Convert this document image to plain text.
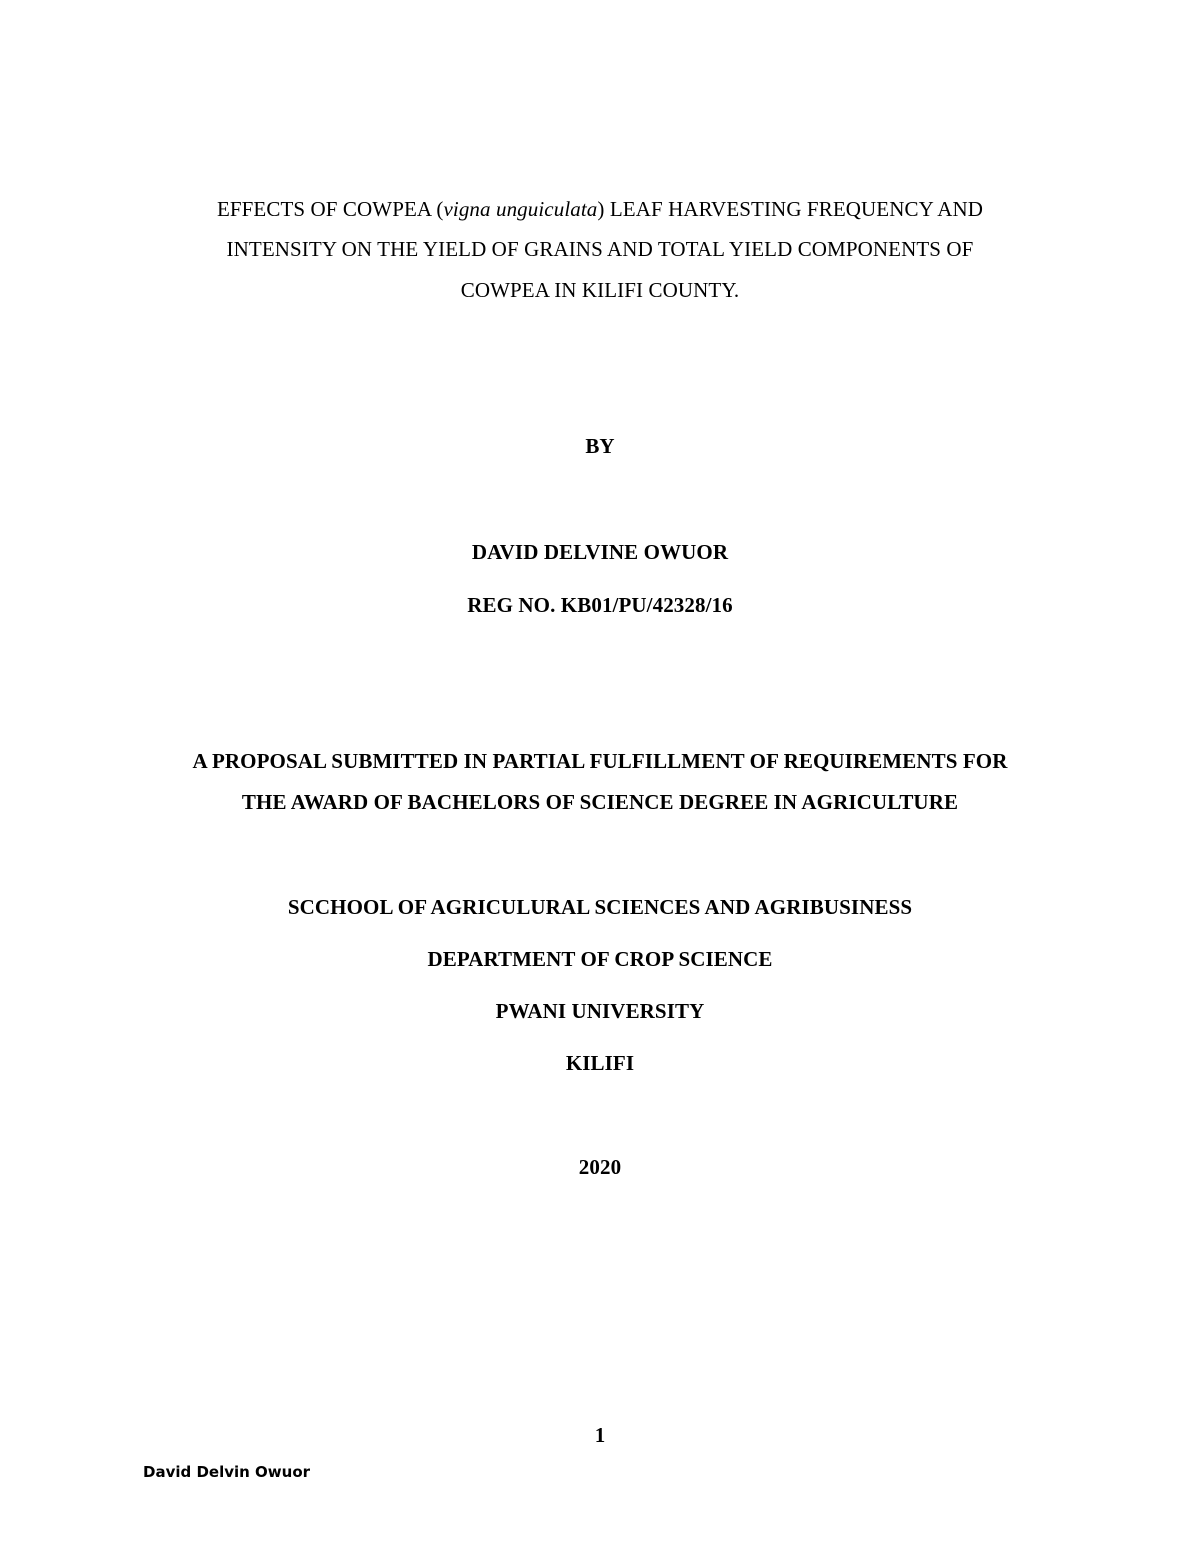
EFFECTS OF COWPEA (vigna unguiculata) LEAF HARVESTING FREQUENCY AND
INTENSITY ON THE YIELD OF GRAINS AND TOTAL YIELD COMPONENTS OF
COWPEA IN KILIFI COUNTY.
BY
DAVID DELVINE OWUOR
REG NO. KB01/PU/42328/16
A PROPOSAL SUBMITTED IN PARTIAL FULFILLMENT OF REQUIREMENTS FOR
THE AWARD OF BACHELORS OF SCIENCE DEGREE IN AGRICULTURE
SCCHOOL OF AGRICULURAL SCIENCES AND AGRIBUSINESS
DEPARTMENT OF CROP SCIENCE
PWANI UNIVERSITY
KILIFI
2020
1
David Delvin Owuor
